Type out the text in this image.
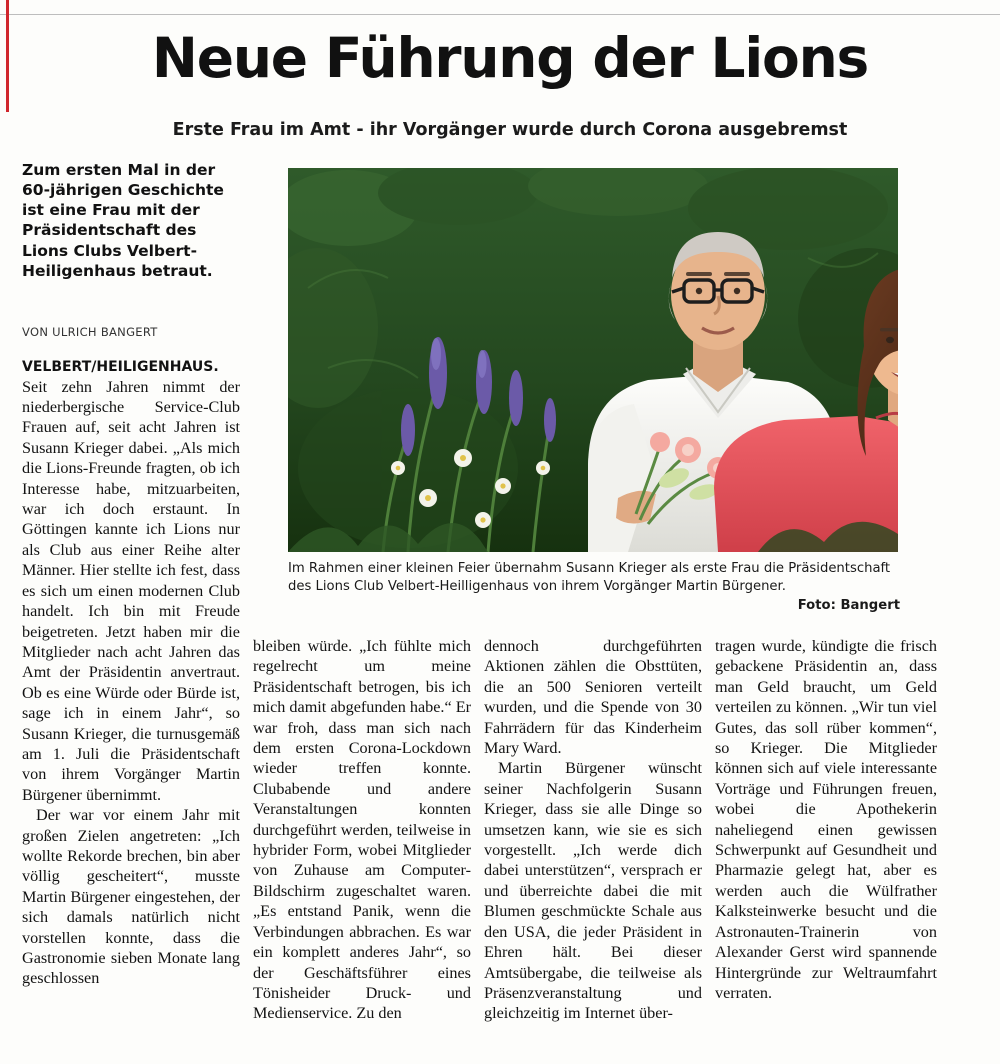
Neue Führung der Lions
Erste Frau im Amt - ihr Vorgänger wurde durch Corona ausgebremst
Zum ersten Mal in der 60-jährigen Geschichte ist eine Frau mit der Präsidentschaft des Lions Clubs Velbert-Heiligenhaus betraut.
VON ULRICH BANGERT
Im Rahmen einer kleinen Feier übernahm Susann Krieger als erste Frau die Präsidentschaft des Lions Club Velbert-Heilligenhaus von ihrem Vorgänger Martin Bürgener.
Foto: Bangert

VELBERT/HEILIGENHAUS. Seit zehn Jahren nimmt der niederbergische Service-Club Frauen auf, seit acht Jahren ist Susann Krieger dabei. „Als mich die Lions-Freunde fragten, ob ich Interesse habe, mitzuarbeiten, war ich doch erstaunt. In Göttingen kannte ich Lions nur als Club aus einer Reihe alter Männer. Hier stellte ich fest, dass es sich um einen modernen Club handelt. Ich bin mit Freude beigetreten. Jetzt haben mir die Mitglieder nach acht Jahren das Amt der Präsidentin anvertraut. Ob es eine Würde oder Bürde ist, sage ich in einem Jahr“, so Susann Krieger, die turnusgemäß am 1. Juli die Präsidentschaft von ihrem Vorgänger Martin Bürgener übernimmt.

Der war vor einem Jahr mit großen Zielen angetreten: „Ich wollte Rekorde brechen, bin aber völlig gescheitert“, musste Martin Bürgener eingestehen, der sich damals natürlich nicht vorstellen konnte, dass die Gastronomie sieben Monate lang geschlossen

bleiben würde. „Ich fühlte mich regelrecht um meine Präsidentschaft betrogen, bis ich mich damit abgefunden habe.“ Er war froh, dass man sich nach dem ersten Corona-Lockdown wieder treffen konnte. Clubabende und andere Veranstaltungen konnten durchgeführt werden, teilweise in hybrider Form, wobei Mitglieder von Zuhause am Computer-Bildschirm zugeschaltet waren. „Es entstand Panik, wenn die Verbindungen abbrachen. Es war ein komplett anderes Jahr“, so der Geschäftsführer eines Tönisheider Druck- und Medienservice. Zu den

dennoch durchgeführten Aktionen zählen die Obsttüten, die an 500 Senioren verteilt wurden, und die Spende von 30 Fahrrädern für das Kinderheim Mary Ward.

Martin Bürgener wünscht seiner Nachfolgerin Susann Krieger, dass sie alle Dinge so umsetzen kann, wie sie es sich vorgestellt. „Ich werde dich dabei unterstützen“, versprach er und überreichte dabei die mit Blumen geschmückte Schale aus den USA, die jeder Präsident in Ehren hält. Bei dieser Amtsübergabe, die teilweise als Präsenzveranstaltung und gleichzeitig im Internet über-

tragen wurde, kündigte die frisch gebackene Präsidentin an, dass man Geld braucht, um Geld verteilen zu können. „Wir tun viel Gutes, das soll rüber kommen“, so Krieger. Die Mitglieder können sich auf viele interessante Vorträge und Führungen freuen, wobei die Apothekerin naheliegend einen gewissen Schwerpunkt auf Gesundheit und Pharmazie gelegt hat, aber es werden auch die Wülfrather Kalksteinwerke besucht und die Astronauten-Trainerin von Alexander Gerst wird spannende Hintergründe zur Weltraumfahrt verraten.
